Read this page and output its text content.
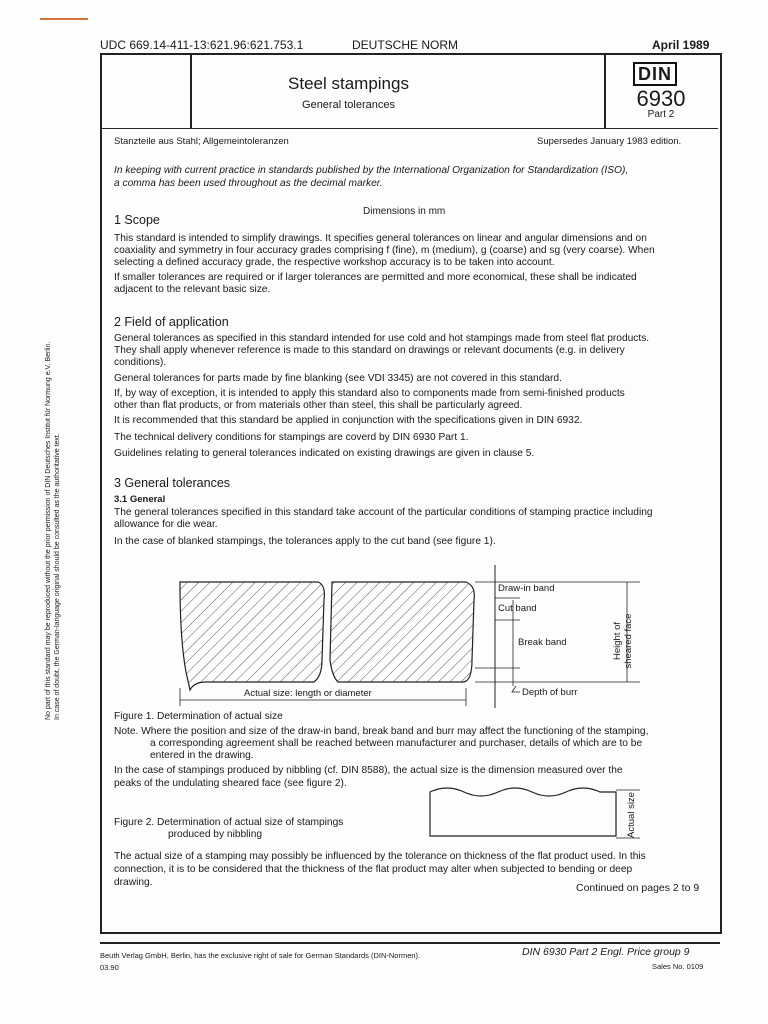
UDC 669.14-411-13:621.96:621.753.1	DEUTSCHE NORM	April 1989
Steel stampings
General tolerances
DIN
6930
Part 2
Stanzteile aus Stahl; Allgemeintoleranzen	Supersedes January 1983 edition.
In keeping with current practice in standards published by the International Organization for Standardization (ISO),
a comma has been used throughout as the decimal marker.
Dimensions in mm
1 Scope
This standard is intended to simplify drawings. It specifies general tolerances on linear and angular dimensions and on
coaxiality and symmetry in four accuracy grades comprising f (fine), m (medium), g (coarse) and sg (very coarse). When
selecting a defined accuracy grade, the respective workshop accuracy is to be taken into account.
If smaller tolerances are required or if larger tolerances are permitted and more economical, these shall be indicated
adjacent to the relevant basic size.
2 Field of application
General tolerances as specified in this standard intended for use cold and hot stampings made from steel flat products.
They shall apply whenever reference is made to this standard on drawings or relevant documents (e.g. in delivery
conditions).
General tolerances for parts made by fine blanking (see VDI 3345) are not covered in this standard.
If, by way of exception, it is intended to apply this standard also to components made from semi-finished products
other than flat products, or from materials other than steel, this shall be particularly agreed.
It is recommended that this standard be applied in conjunction with the specifications given in DIN 6932.
The technical delivery conditions for stampings are coverd by DIN 6930 Part 1.
Guidelines relating to general tolerances indicated on existing drawings are given in clause 5.
3 General tolerances
3.1 General
The general tolerances specified in this standard take account of the particular conditions of stamping practice including
allowance for die wear.
In the case of blanked stampings, the tolerances apply to the cut band (see figure 1).
Draw-in band
Cut band
Break band
Depth of burr
Actual size: length or diameter
Height of sheared face
Figure 1. Determination of actual size
Note. Where the position and size of the draw-in band, break band and burr may affect the functioning of the stamping,
a corresponding agreement shall be reached between manufacturer and purchaser, details of which are to be
entered in the drawing.
In the case of stampings produced by nibbling (cf. DIN 8588), the actual size is the dimension measured over the
peaks of the undulating sheared face (see figure 2).
Figure 2. Determination of actual size of stampings
produced by nibbling	Actual size
The actual size of a stamping may possibly be influenced by the tolerance on thickness of the flat product used. In this
connection, it is to be considered that the thickness of the flat product may alter when subjected to bending or deep
drawing.	Continued on pages 2 to 9
No part of this standard may be reproduced without the prior permission of DIN Deutsches Institut für Normung e.V. Berlin. In case of doubt, the German-language original should be consulted as the authoritative text.
Beuth Verlag GmbH, Berlin, has the exclusive right of sale for German Standards (DIN-Normen).
03.90
DIN 6930 Part 2 Engl. Price group 9
Sales No. 0109
